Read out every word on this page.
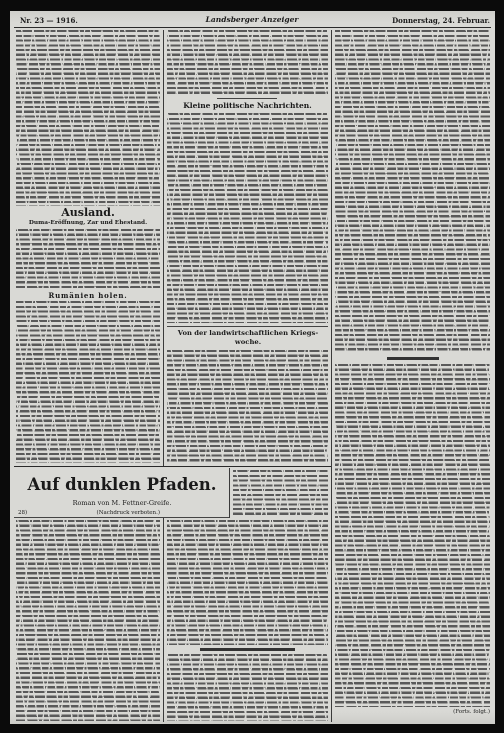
Nr. 23 — 1916.	Landsberger Anzeiger	Donnerstag, 24. Februar.
Ausland.
Duma-Eröffnung, Zar und Ehestand.
Rumänien holen.
Kleine politische Nachrichten.
Von der landwirtschaftlichen Kriegswoche.
Auf dunklen Pfaden.
Roman von M. Fettner-Greife.
28)	(Nachdruck verboten.)
(Forts. folgt.)
